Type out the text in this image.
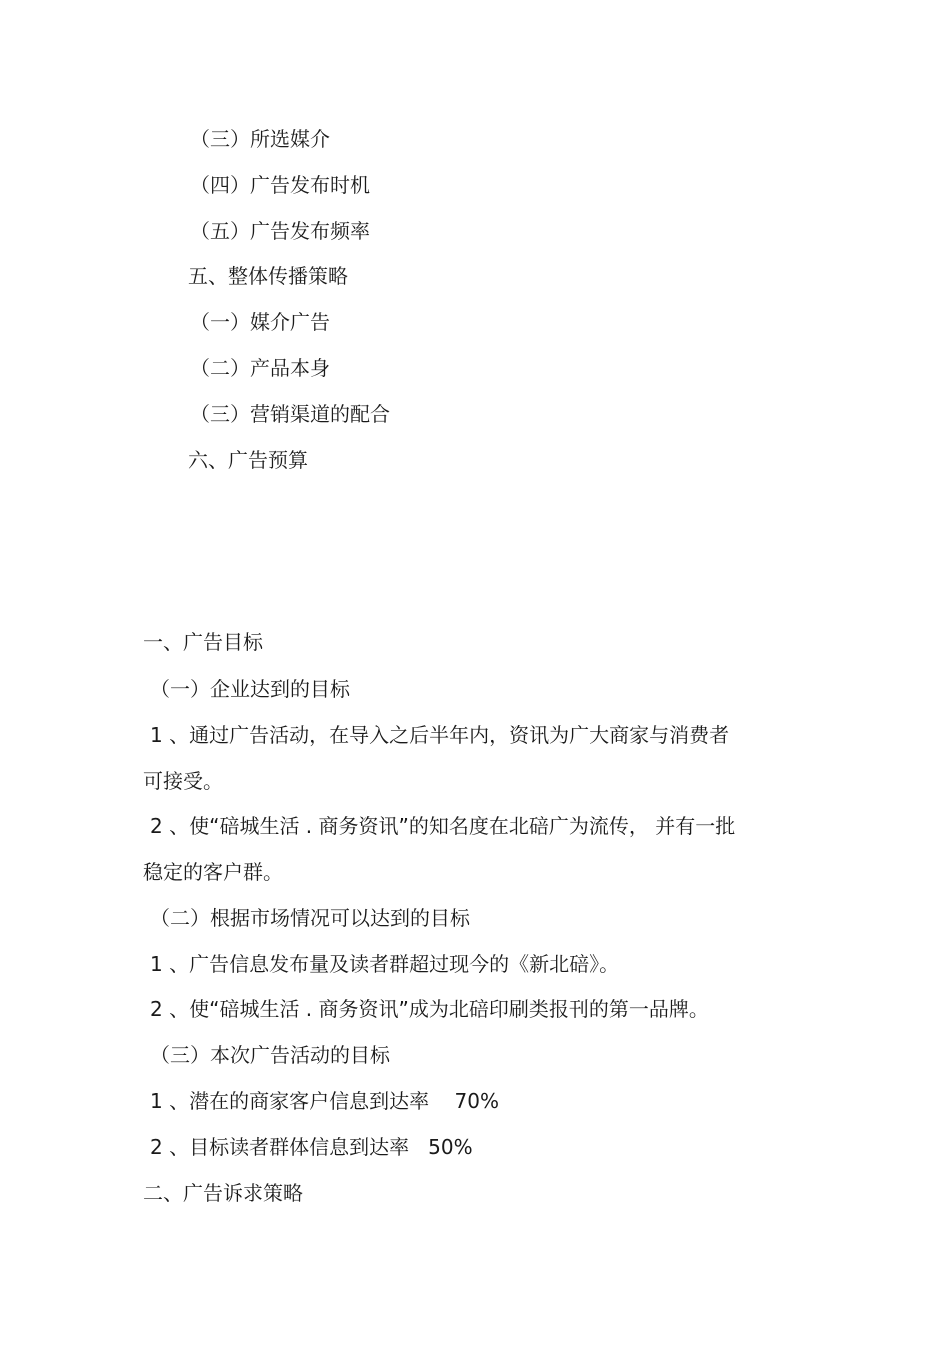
（三）所选媒介
（四）广告发布时机
（五）广告发布频率
五、整体传播策略
（一）媒介广告
（二）产品本身
（三）营销渠道的配合
六、广告预算
一、广告目标
（一）企业达到的目标
1 、通过广告活动，在导入之后半年内，资讯为广大商家与消费者
可接受。
2 、使“碚城生活 . 商务资讯”的知名度在北碚广为流传， 并有一批
稳定的客户群。
（二）根据市场情况可以达到的目标
1 、广告信息发布量及读者群超过现今的《新北碚》。
2 、使“碚城生活 . 商务资讯”成为北碚印刷类报刊的第一品牌。
（三）本次广告活动的目标
1 、潜在的商家客户信息到达率    70%
2 、目标读者群体信息到达率   50%
二、广告诉求策略
